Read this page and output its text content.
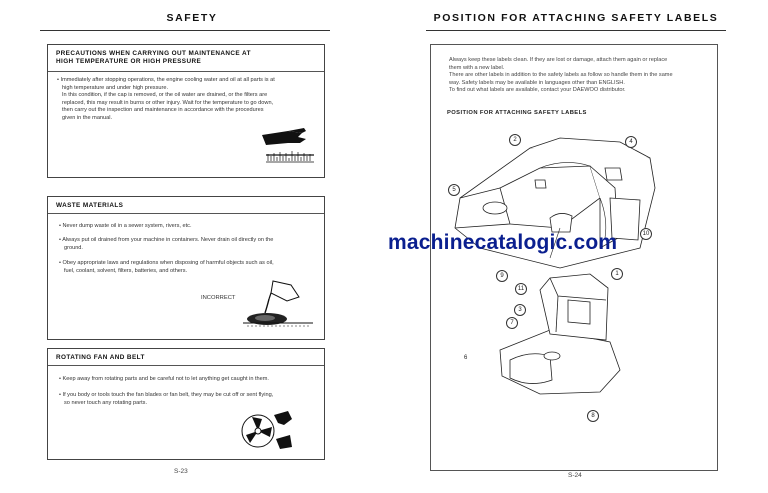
SAFETY
PRECAUTIONS WHEN CARRYING OUT MAINTENANCE AT
HIGH TEMPERATURE OR HIGH PRESSURE
• Immediately after stopping operations, the engine cooling water and oil at all parts is at
high temperature and under high pressure.
In this condition, if the cap is removed, or the oil water are drained, or the filters are
replaced, this may result in burns or other injury. Wait for the temperature to go down,
then carry out the inspection and maintenance in accordance with the procedures
given in the manual.
WASTE MATERIALS
• Never dump waste oil in a sewer system, rivers, etc.
• Always put oil drained from your machine in containers. Never drain oil directly on the
ground.
• Obey appropriate laws and regulations when disposing of harmful objects such as oil,
fuel, coolant, solvent, filters, batteries, and others.
INCORRECT
ROTATING FAN AND BELT
• Keep away from rotating parts and be careful not to let anything get caught in them.
• If you body or tools touch the fan blades or fan belt, they may be cut off or sent flying,
so never touch any rotating parts.
S-23
POSITION FOR ATTACHING SAFETY LABELS
S-24
Always keep these labels clean. If they are lost or damage, attach them again or replace
them with a new label.
There are other labels in addition to the safety labels as follow so handle them in the same
way. Safety labels may be available in languages other than ENGLISH.
To find out what labels are available, contact your DAEWOO distributor.
POSITION FOR ATTACHING SAFETY LABELS
2	4
5
10
1
9
11
3
7
6
8
machinecatalogic.com
